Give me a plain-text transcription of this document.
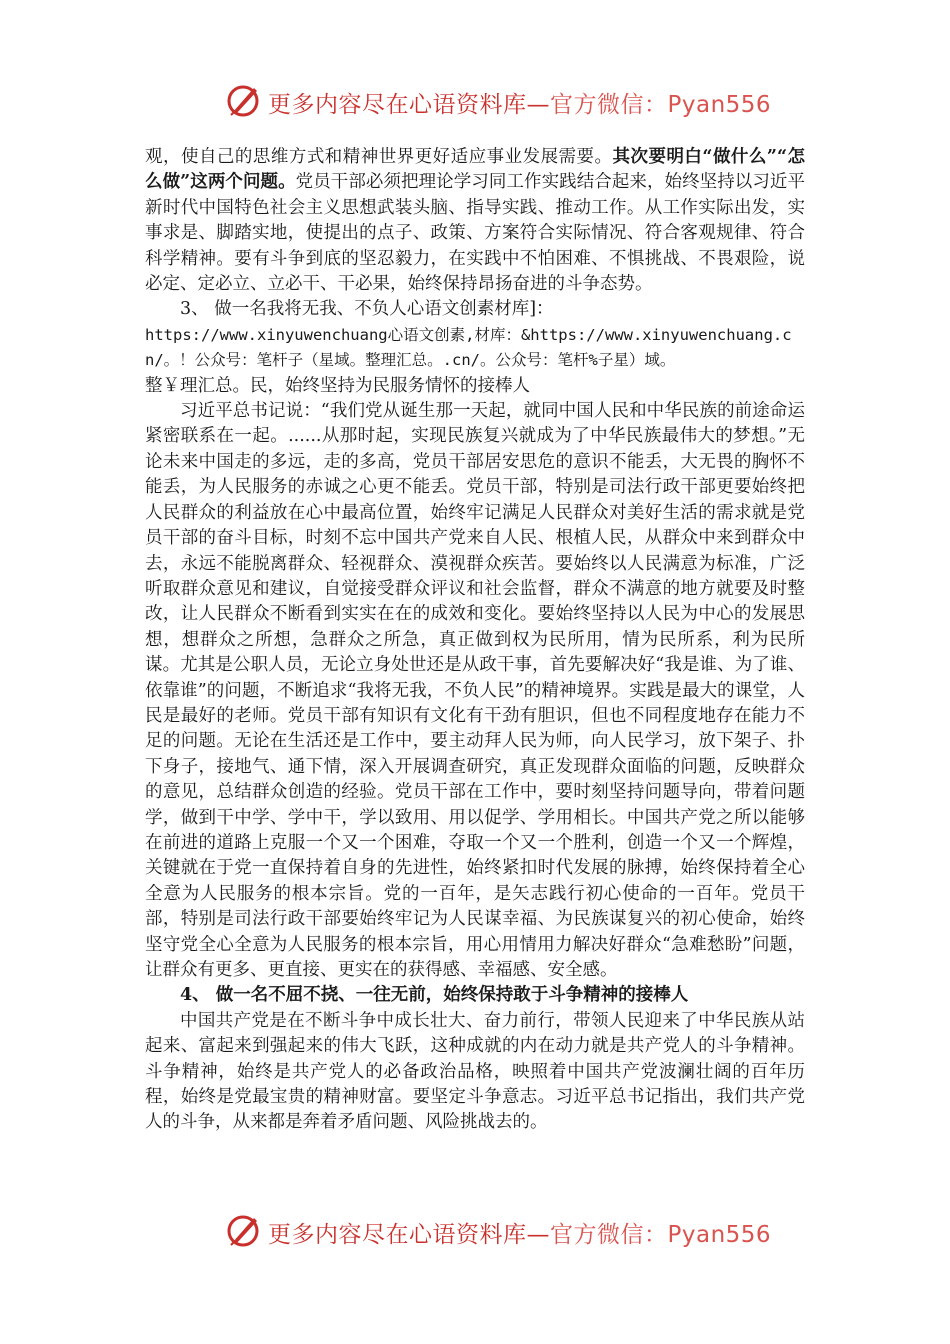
更多内容尽在心语资料库—官方微信：Pyan556

观，使自己的思维方式和精神世界更好适应事业发展需要。其次要明白“做什么”“怎么做”这两个问题。党员干部必须把理论学习同工作实践结合起来，始终坚持以习近平新时代中国特色社会主义思想武装头脑、指导实践、推动工作。从工作实际出发，实事求是、脚踏实地，使提出的点子、政策、方案符合实际情况、符合客观规律、符合科学精神。要有斗争到底的坚忍毅力，在实践中不怕困难、不惧挑战、不畏艰险，说必定、定必立、立必干、干必果，始终保持昂扬奋进的斗争态势。

3、 做一名我将无我、不负人心语文创素材库]：

https://www.xinyuwenchuang心语文创素,材库：&https://www.xinyuwenchuang.cn/。！公众号：笔杆子（星域。整理汇总。.cn/。公众号：笔杆%子星）域。

整￥理汇总。民，始终坚持为民服务情怀的接棒人

习近平总书记说：“我们党从诞生那一天起，就同中国人民和中华民族的前途命运紧密联系在一起。......从那时起，实现民族复兴就成为了中华民族最伟大的梦想。”无论未来中国走的多远，走的多高，党员干部居安思危的意识不能丢，大无畏的胸怀不能丢，为人民服务的赤诚之心更不能丢。党员干部，特别是司法行政干部更要始终把人民群众的利益放在心中最高位置，始终牢记满足人民群众对美好生活的需求就是党员干部的奋斗目标，时刻不忘中国共产党来自人民、根植人民，从群众中来到群众中去，永远不能脱离群众、轻视群众、漠视群众疾苦。要始终以人民满意为标准，广泛听取群众意见和建议，自觉接受群众评议和社会监督，群众不满意的地方就要及时整改，让人民群众不断看到实实在在的成效和变化。要始终坚持以人民为中心的发展思想，想群众之所想，急群众之所急，真正做到权为民所用，情为民所系，利为民所谋。尤其是公职人员，无论立身处世还是从政干事，首先要解决好“我是谁、为了谁、依靠谁”的问题，不断追求“我将无我，不负人民”的精神境界。实践是最大的课堂，人民是最好的老师。党员干部有知识有文化有干劲有胆识，但也不同程度地存在能力不足的问题。无论在生活还是工作中，要主动拜人民为师，向人民学习，放下架子、扑下身子，接地气、通下情，深入开展调查研究，真正发现群众面临的问题，反映群众的意见，总结群众创造的经验。党员干部在工作中，要时刻坚持问题导向，带着问题学，做到干中学、学中干，学以致用、用以促学、学用相长。中国共产党之所以能够在前进的道路上克服一个又一个困难，夺取一个又一个胜利，创造一个又一个辉煌，关键就在于党一直保持着自身的先进性，始终紧扣时代发展的脉搏，始终保持着全心全意为人民服务的根本宗旨。党的一百年，是矢志践行初心使命的一百年。党员干部，特别是司法行政干部要始终牢记为人民谋幸福、为民族谋复兴的初心使命，始终坚守党全心全意为人民服务的根本宗旨，用心用情用力解决好群众“急难愁盼”问题，让群众有更多、更直接、更实在的获得感、幸福感、安全感。

4、 做一名不屈不挠、一往无前，始终保持敢于斗争精神的接棒人

中国共产党是在不断斗争中成长壮大、奋力前行，带领人民迎来了中华民族从站起来、富起来到强起来的伟大飞跃，这种成就的内在动力就是共产党人的斗争精神。斗争精神，始终是共产党人的必备政治品格，映照着中国共产党波澜壮阔的百年历程，始终是党最宝贵的精神财富。要坚定斗争意志。习近平总书记指出，我们共产党人的斗争，从来都是奔着矛盾问题、风险挑战去的。

更多内容尽在心语资料库—官方微信：Pyan556
